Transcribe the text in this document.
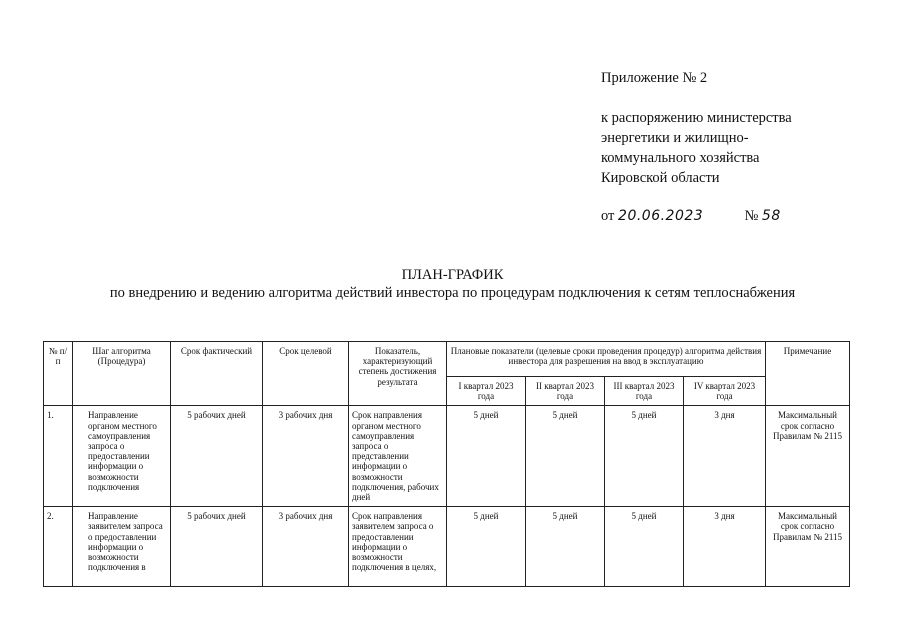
Приложение № 2
к распоряжению министерства
энергетики и жилищно-
коммунального хозяйства
Кировской области
от 20.06.2023	№ 58
ПЛАН-ГРАФИК
по внедрению и ведению алгоритма действий инвестора по процедурам подключения к сетям теплоснабжения
№ п/п	Шаг алгоритма (Процедура)	Срок фактический	Срок целевой	Показатель, характеризующий степень достижения результата	Плановые показатели (целевые сроки проведения процедур) алгоритма действия инвестора для разрешения на ввод в эксплуатацию				Примечание
					I квартал 2023 года	II квартал 2023 года	III квартал 2023 года	IV квартал 2023 года	
1.	Направление органом местного самоуправления запроса о предоставлении информации о возможности подключения	5 рабочих дней	3 рабочих дня	Срок направления органом местного самоуправления запроса о представлении информации о возможности подключения, рабочих дней	5 дней	5 дней	5 дней	3 дня	Максимальный срок согласно Правилам № 2115
2.	Направление заявителем запроса о предоставлении информации о возможности подключения в	5 рабочих дней	3 рабочих дня	Срок направления заявителем запроса о предоставлении информации о возможности подключения в целях,	5 дней	5 дней	5 дней	3 дня	Максимальный срок согласно Правилам № 2115
